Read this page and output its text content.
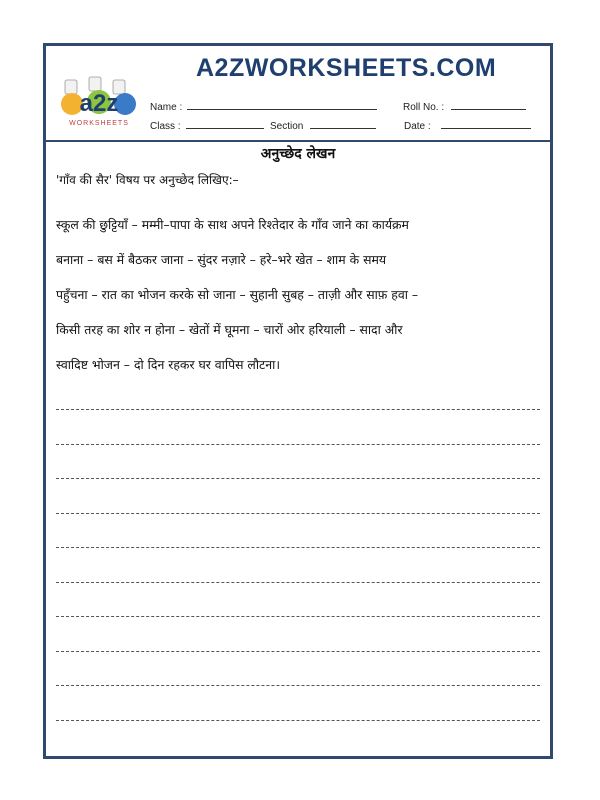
a2z
WORKSHEETS
A2ZWORKSHEETS.COM
Name :	Roll No. :
Class :	Section	Date :
अनुच्छेद लेखन
'गाँव की सैर' विषय पर अनुच्छेद लिखिए:–
स्कूल की छुट्टियाँ – मम्मी–पापा के साथ अपने रिश्तेदार के गाँव जाने का कार्यक्रम
बनाना – बस में बैठकर जाना – सुंदर नज़ारे – हरे–भरे खेत – शाम के समय
पहुँचना – रात का भोजन करके सो जाना – सुहानी सुबह – ताज़ी और साफ़ हवा –
किसी तरह का शोर न होना – खेतों में घूमना – चारों ओर हरियाली – सादा और
स्वादिष्ट भोजन – दो दिन रहकर घर वापिस लौटना।
